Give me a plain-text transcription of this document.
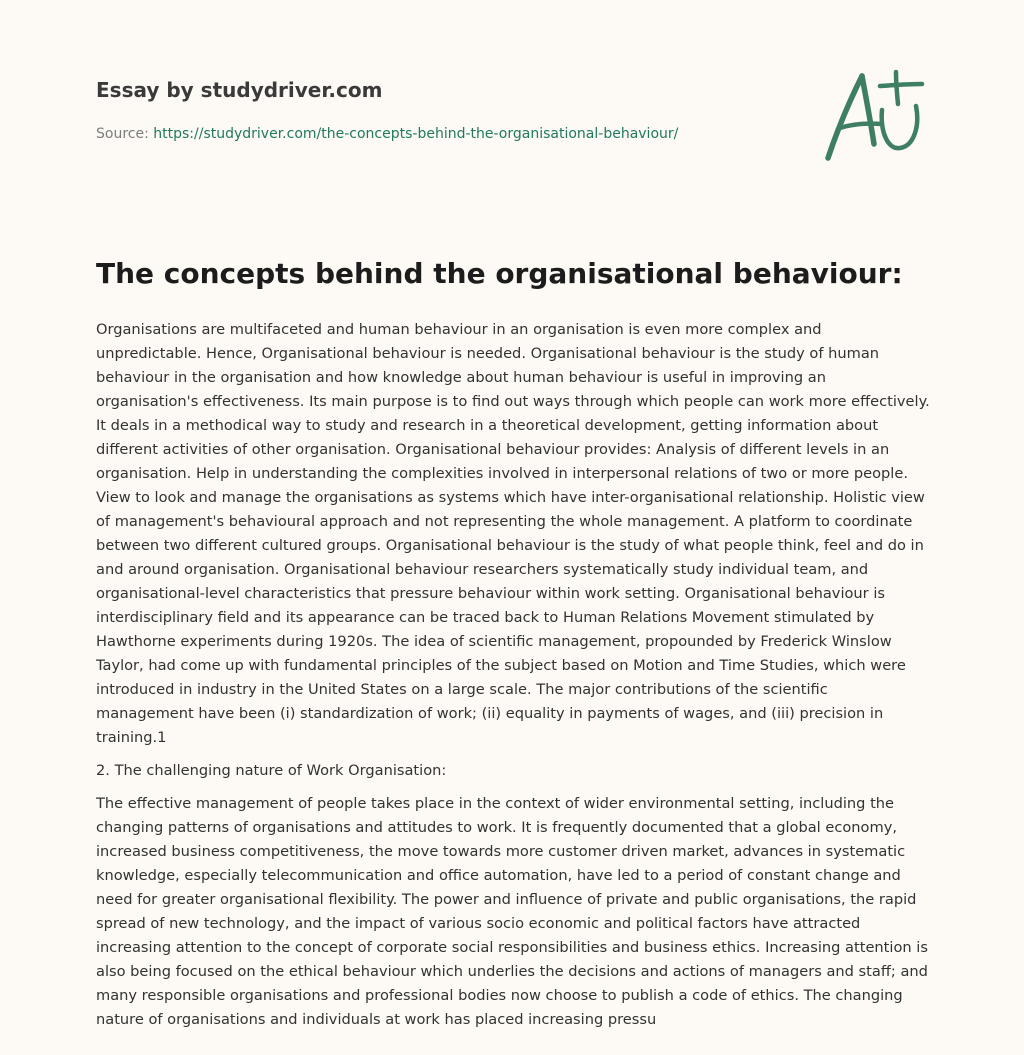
Essay by studydriver.com

Source: https://studydriver.com/the-concepts-behind-the-organisational-behaviour/
The concepts behind the organisational behaviour:

Organisations are multifaceted and human behaviour in an organisation is even more complex and unpredictable. Hence, Organisational behaviour is needed. Organisational behaviour is the study of human behaviour in the organisation and how knowledge about human behaviour is useful in improving an organisation's effectiveness. Its main purpose is to find out ways through which people can work more effectively. It deals in a methodical way to study and research in a theoretical development, getting information about different activities of other organisation. Organisational behaviour provides: Analysis of different levels in an organisation. Help in understanding the complexities involved in interpersonal relations of two or more people. View to look and manage the organisations as systems which have inter-organisational relationship. Holistic view of management's behavioural approach and not representing the whole management. A platform to coordinate between two different cultured groups. Organisational behaviour is the study of what people think, feel and do in and around organisation. Organisational behaviour researchers systematically study individual team, and organisational-level characteristics that pressure behaviour within work setting. Organisational behaviour is interdisciplinary field and its appearance can be traced back to Human Relations Movement stimulated by Hawthorne experiments during 1920s. The idea of scientific management, propounded by Frederick Winslow Taylor, had come up with fundamental principles of the subject based on Motion and Time Studies, which were introduced in industry in the United States on a large scale. The major contributions of the scientific management have been (i) standardization of work; (ii) equality in payments of wages, and (iii) precision in training.1

2. The challenging nature of Work Organisation:

The effective management of people takes place in the context of wider environmental setting, including the changing patterns of organisations and attitudes to work. It is frequently documented that a global economy, increased business competitiveness, the move towards more customer driven market, advances in systematic knowledge, especially telecommunication and office automation, have led to a period of constant change and need for greater organisational flexibility. The power and influence of private and public organisations, the rapid spread of new technology, and the impact of various socio economic and political factors have attracted increasing attention to the concept of corporate social responsibilities and business ethics. Increasing attention is also being focused on the ethical behaviour which underlies the decisions and actions of managers and staff; and many responsible organisations and professional bodies now choose to publish a code of ethics. The changing nature of organisations and individuals at work has placed increasing pressu
